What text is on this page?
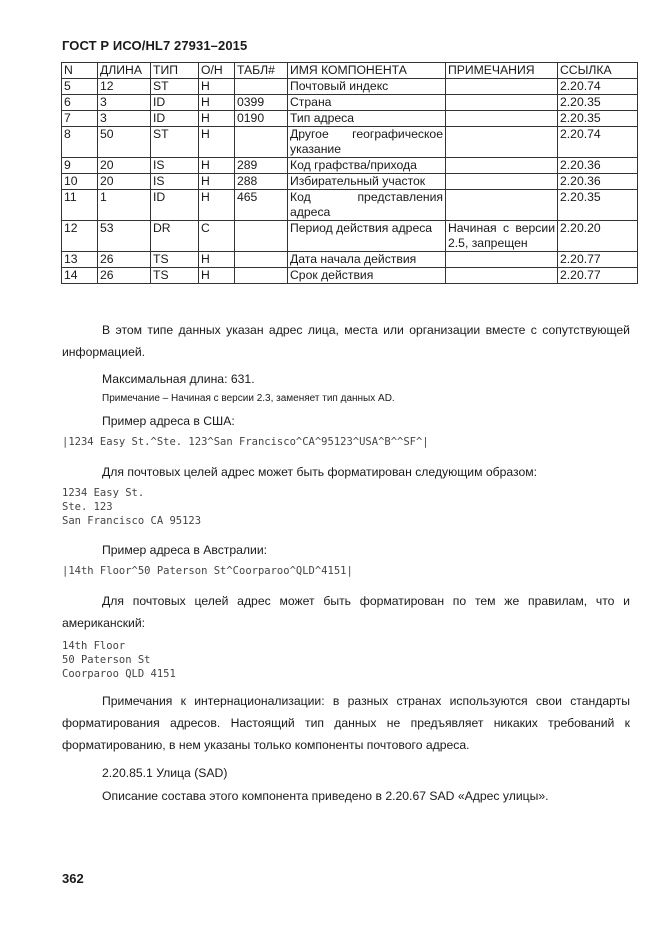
ГОСТ Р ИСО/HL7 27931–2015
N	ДЛИНА	ТИП	О/Н	ТАБЛ#	ИМЯ КОМПОНЕНТА	ПРИМЕЧАНИЯ	ССЫЛКА
5	12	ST	H		Почтовый индекс		2.20.74
6	3	ID	H	0399	Страна		2.20.35
7	3	ID	H	0190	Тип адреса		2.20.35
8	50	ST	H		Другое географическое указание		2.20.74
9	20	IS	H	289	Код графства/прихода		2.20.36
10	20	IS	H	288	Избирательный участок		2.20.36
11	1	ID	H	465	Код представления адреса		2.20.35
12	53	DR	C		Период действия адреса	Начиная с версии 2.5, запрещен	2.20.20
13	26	TS	H		Дата начала действия		2.20.77
14	26	TS	H		Срок действия		2.20.77
В этом типе данных указан адрес лица, места или организации вместе с сопутствующей информацией.
Максимальная длина: 631.
Примечание – Начиная с версии 2.3, заменяет тип данных AD.
Пример адреса в США:
|1234 Easy St.^Ste. 123^San Francisco^CA^95123^USA^B^^SF^|
Для почтовых целей адрес может быть форматирован следующим образом:
1234 Easy St.
Ste. 123
San Francisco CA 95123
Пример адреса в Австралии:
|14th Floor^50 Paterson St^Coorparoo^QLD^4151|
Для почтовых целей адрес может быть форматирован по тем же правилам, что и американский:
14th Floor
50 Paterson St
Coorparoo QLD 4151
Примечания к интернационализации: в разных странах используются свои стандарты форматирования адресов. Настоящий тип данных не предъявляет никаких требований к форматированию, в нем указаны только компоненты почтового адреса.
2.20.85.1 Улица (SAD)
Описание состава этого компонента приведено в 2.20.67 SAD «Адрес улицы».
362
